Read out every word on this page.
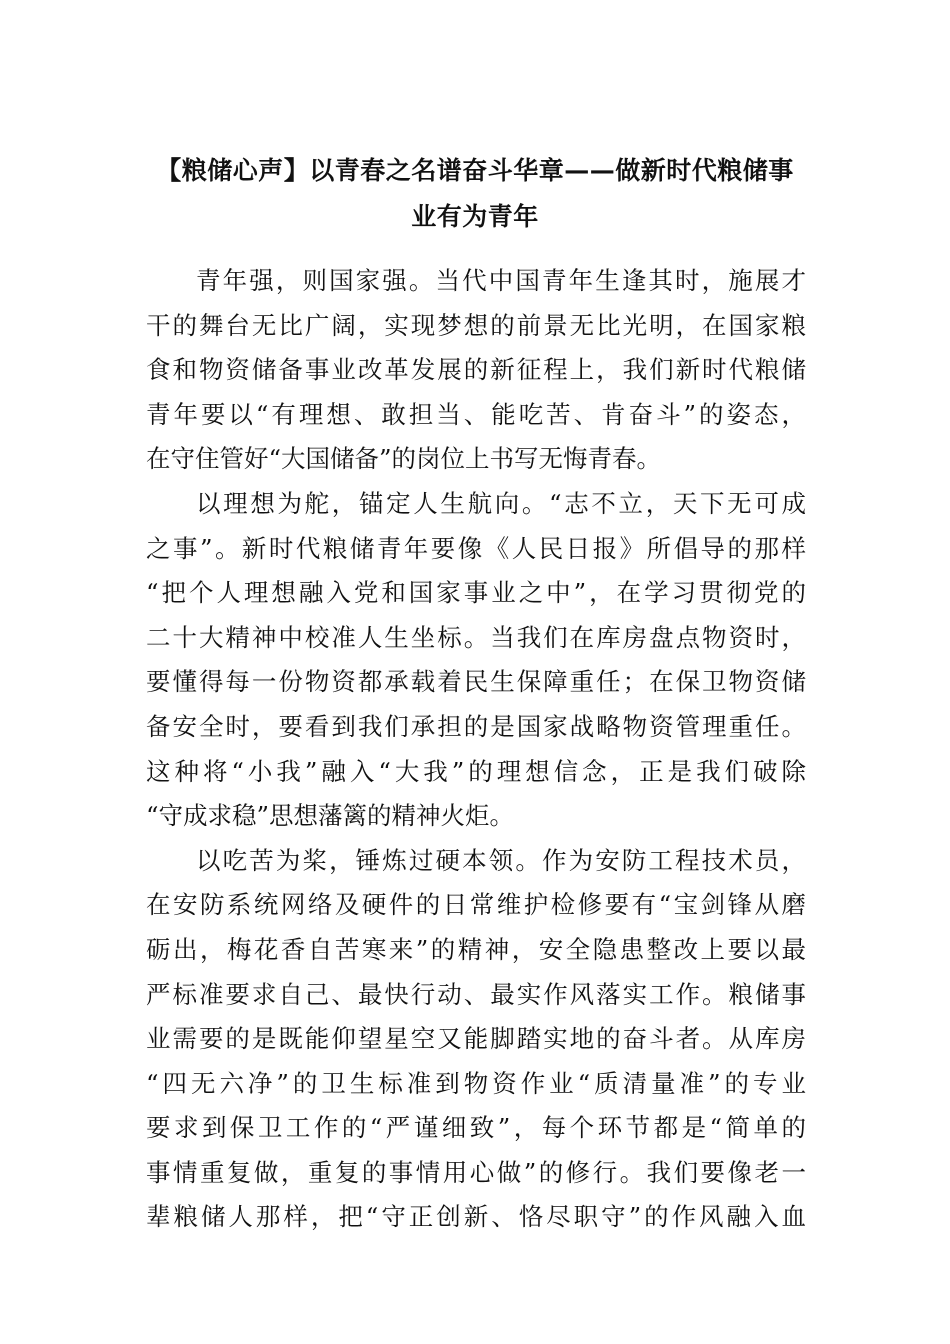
【粮储心声】以青春之名谱奋斗华章——做新时代粮储事
业有为青年
青年强，则国家强。当代中国青年生逢其时，施展才
干的舞台无比广阔，实现梦想的前景无比光明，在国家粮
食和物资储备事业改革发展的新征程上，我们新时代粮储
青年要以“有理想、敢担当、能吃苦、肯奋斗”的姿态，
在守住管好“大国储备”的岗位上书写无悔青春。
以理想为舵，锚定人生航向。“志不立，天下无可成
之事”。新时代粮储青年要像《人民日报》所倡导的那样
“把个人理想融入党和国家事业之中”，在学习贯彻党的
二十大精神中校准人生坐标。当我们在库房盘点物资时，
要懂得每一份物资都承载着民生保障重任；在保卫物资储
备安全时，要看到我们承担的是国家战略物资管理重任。
这种将“小我”融入“大我”的理想信念，正是我们破除
“守成求稳”思想藩篱的精神火炬。
以吃苦为桨，锤炼过硬本领。作为安防工程技术员，
在安防系统网络及硬件的日常维护检修要有“宝剑锋从磨
砺出，梅花香自苦寒来”的精神，安全隐患整改上要以最
严标准要求自己、最快行动、最实作风落实工作。粮储事
业需要的是既能仰望星空又能脚踏实地的奋斗者。从库房
“四无六净”的卫生标准到物资作业“质清量准”的专业
要求到保卫工作的“严谨细致”，每个环节都是“简单的
事情重复做，重复的事情用心做”的修行。我们要像老一
辈粮储人那样，把“守正创新、恪尽职守”的作风融入血
